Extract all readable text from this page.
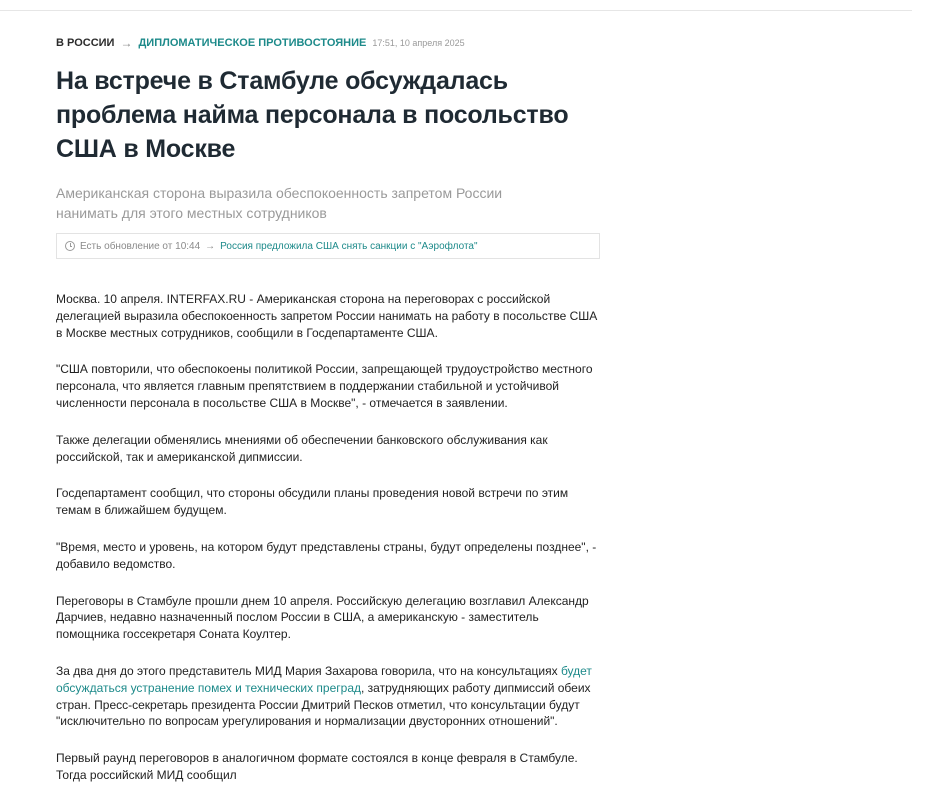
В РОССИИ → ДИПЛОМАТИЧЕСКОЕ ПРОТИВОСТОЯНИЕ 17:51, 10 апреля 2025
На встрече в Стамбуле обсуждалась проблема найма персонала в посольство США в Москве

Американская сторона выразила обеспокоенность запретом России нанимать для этого местных сотрудников

Есть обновление от 10:44 → Россия предложила США снять санкции с "Аэрофлота"

Москва. 10 апреля. INTERFAX.RU - Американская сторона на переговорах с российской делегацией выразила обеспокоенность запретом России нанимать на работу в посольстве США в Москве местных сотрудников, сообщили в Госдепартаменте США.

"США повторили, что обеспокоены политикой России, запрещающей трудоустройство местного персонала, что является главным препятствием в поддержании стабильной и устойчивой численности персонала в посольстве США в Москве", - отмечается в заявлении.

Также делегации обменялись мнениями об обеспечении банковского обслуживания как российской, так и американской дипмиссии.

Госдепартамент сообщил, что стороны обсудили планы проведения новой встречи по этим темам в ближайшем будущем.

"Время, место и уровень, на котором будут представлены страны, будут определены позднее", - добавило ведомство.

Переговоры в Стамбуле прошли днем 10 апреля. Российскую делегацию возглавил Александр Дарчиев, недавно назначенный послом России в США, а американскую - заместитель помощника госсекретаря Соната Коултер.

За два дня до этого представитель МИД Мария Захарова говорила, что на консультациях будет обсуждаться устранение помех и технических преград, затрудняющих работу дипмиссий обеих стран. Пресс-секретарь президента России Дмитрий Песков отметил, что консультации будут "исключительно по вопросам урегулирования и нормализации двусторонних отношений".

Первый раунд переговоров в аналогичном формате состоялся в конце февраля в Стамбуле. Тогда российский МИД сообщил
